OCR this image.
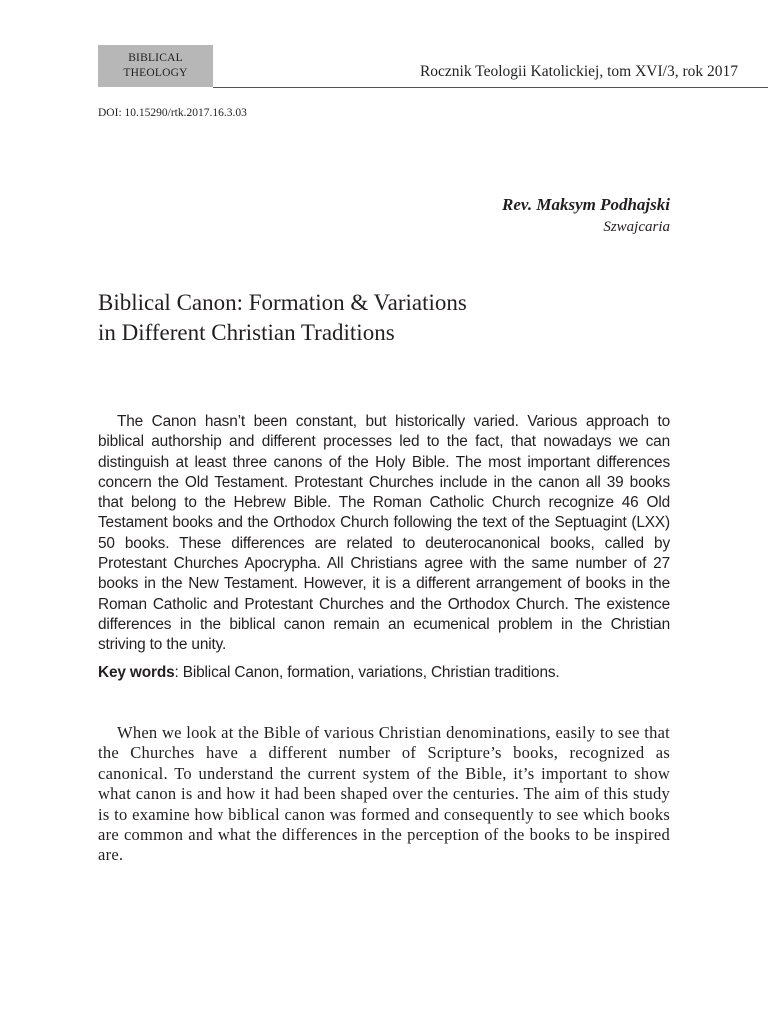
BIBLICAL
THEOLOGY	Rocznik Teologii Katolickiej, tom XVI/3, rok 2017
DOI: 10.15290/rtk.2017.16.3.03
Rev. Maksym Podhajski
Szwajcaria
Biblical Canon: Formation & Variations
in Different Christian Traditions

The Canon hasn’t been constant, but historically varied. Various approach to biblical authorship and different processes led to the fact, that nowadays we can distinguish at least three canons of the Holy Bible. The most important differences concern the Old Testament. Protestant Churches include in the canon all 39 books that belong to the Hebrew Bible. The Roman Catholic Church recognize 46 Old Testament books and the Orthodox Church following the text of the Septuagint (LXX) 50 books. These differences are related to deuterocanonical books, called by Protestant Churches Apocrypha. All Christians agree with the same number of 27 books in the New Testament. However, it is a different arrangement of books in the Roman Catholic and Protestant Churches and the Orthodox Church. The existence differences in the biblical canon remain an ecumenical problem in the Christian striving to the unity.

Key words: Biblical Canon, formation, variations, Christian traditions.

When we look at the Bible of various Christian denominations, easily to see that the Churches have a different number of Scripture’s books, recognized as canonical. To understand the current system of the Bible, it’s important to show what canon is and how it had been shaped over the centuries. The aim of this study is to examine how biblical canon was formed and consequently to see which books are common and what the differences in the perception of the books to be inspired are.
